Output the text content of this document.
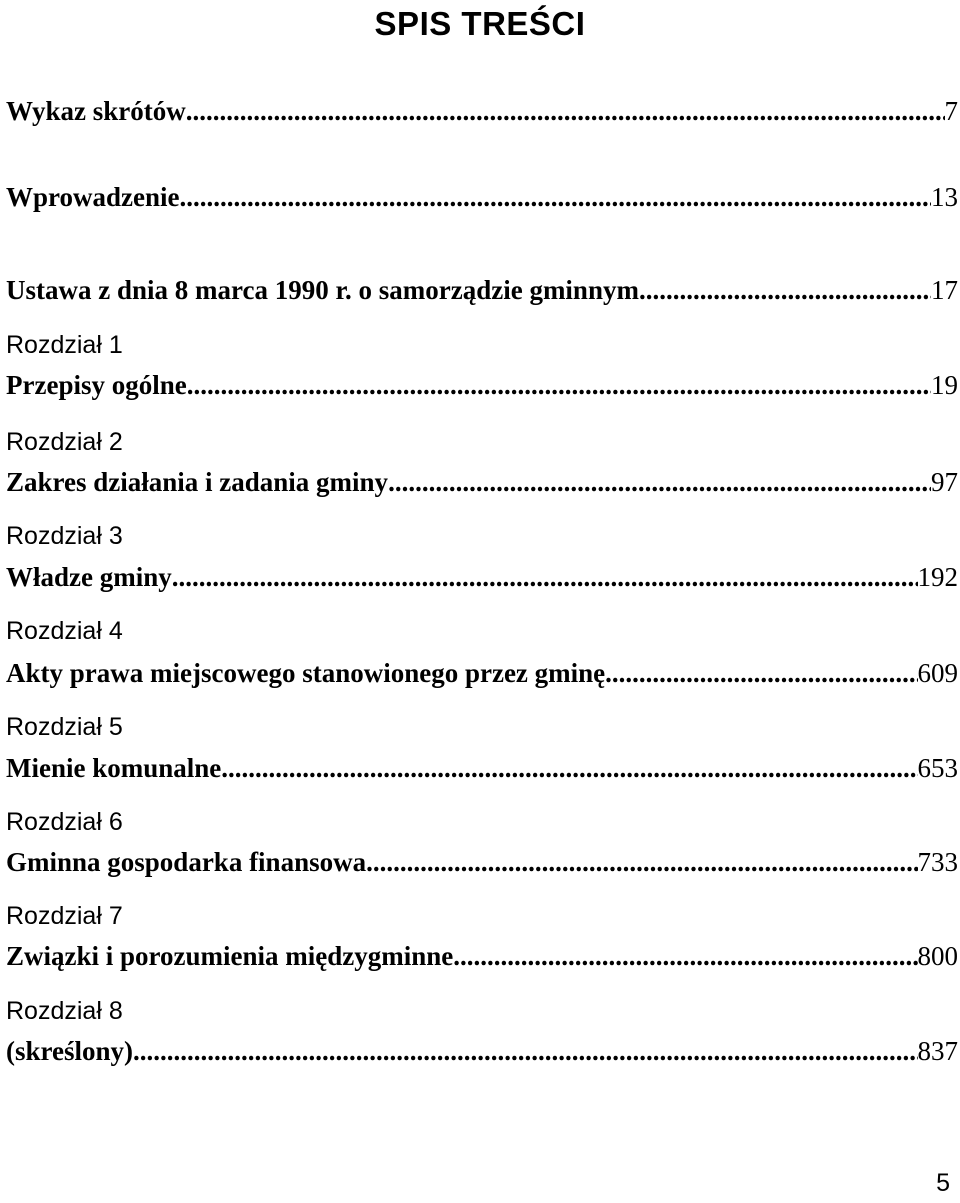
SPIS TREŚCI
Wykaz skrótów .....	7
Wprowadzenie .....	13
Ustawa z dnia 8 marca 1990 r. o samorządzie gminnym .....	17
Rozdział 1
Przepisy ogólne .....	19
Rozdział 2
Zakres działania i zadania gminy .....	97
Rozdział 3
Władze gminy .....	192
Rozdział 4
Akty prawa miejscowego stanowionego przez gminę .....	609
Rozdział 5
Mienie komunalne .....	653
Rozdział 6
Gminna gospodarka finansowa .....	733
Rozdział 7
Związki i porozumienia międzygminne .....	800
Rozdział 8
(skreślony) .....	837
5
